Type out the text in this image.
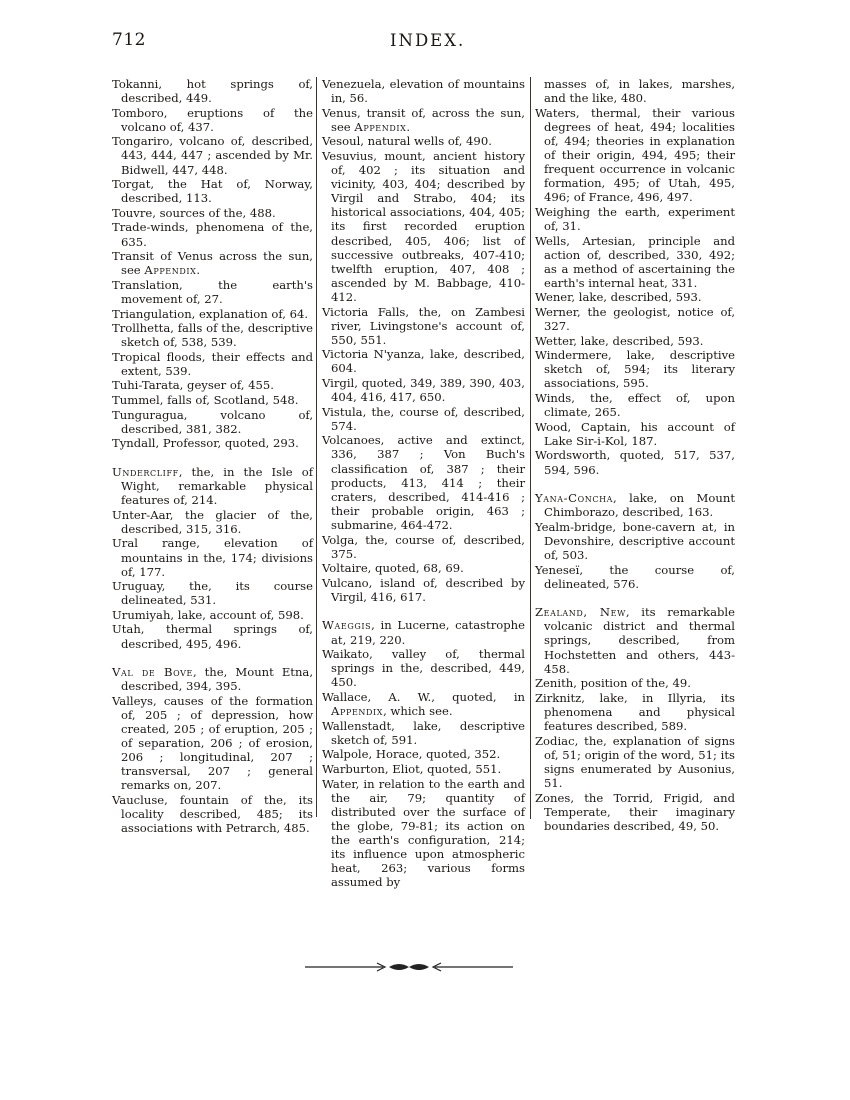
712	INDEX.
Tokanni, hot springs of, described, 449.
Tomboro, eruptions of the volcano of, 437.
Tongariro, volcano of, described, 443, 444, 447 ; ascended by Mr. Bidwell, 447, 448.
Torgat, the Hat of, Norway, described, 113.
Touvre, sources of the, 488.
Trade-winds, phenomena of the, 635.
Transit of Venus across the sun, see Appendix.
Translation, the earth's movement of, 27.
Triangulation, explanation of, 64.
Trollhetta, falls of the, descriptive sketch of, 538, 539.
Tropical floods, their effects and extent, 539.
Tuhi-Tarata, geyser of, 455.
Tummel, falls of, Scotland, 548.
Tunguragua, volcano of, described, 381, 382.
Tyndall, Professor, quoted, 293.
Undercliff, the, in the Isle of Wight, remarkable physical features of, 214.
Unter-Aar, the glacier of the, described, 315, 316.
Ural range, elevation of mountains in the, 174; divisions of, 177.
Uruguay, the, its course delineated, 531.
Urumiyah, lake, account of, 598.
Utah, thermal springs of, described, 495, 496.
Val de Bove, the, Mount Etna, described, 394, 395.
Valleys, causes of the formation of, 205 ; of depression, how created, 205 ; of eruption, 205 ; of separation, 206 ; of erosion, 206 ; longitudinal, 207 ; transversal, 207 ; general remarks on, 207.
Vaucluse, fountain of the, its locality described, 485; its associations with Petrarch, 485.
Venezuela, elevation of mountains in, 56.
Venus, transit of, across the sun, see Appendix.
Vesoul, natural wells of, 490.
Vesuvius, mount, ancient history of, 402 ; its situation and vicinity, 403, 404; described by Virgil and Strabo, 404; its historical associations, 404, 405; its first recorded eruption described, 405, 406; list of successive outbreaks, 407-410; twelfth eruption, 407, 408 ; ascended by M. Babbage, 410-412.
Victoria Falls, the, on Zambesi river, Livingstone's account of, 550, 551.
Victoria N'yanza, lake, described, 604.
Virgil, quoted, 349, 389, 390, 403, 404, 416, 417, 650.
Vistula, the, course of, described, 574.
Volcanoes, active and extinct, 336, 387 ; Von Buch's classification of, 387 ; their products, 413, 414 ; their craters, described, 414-416 ; their probable origin, 463 ; submarine, 464-472.
Volga, the, course of, described, 375.
Voltaire, quoted, 68, 69.
Vulcano, island of, described by Virgil, 416, 617.
Waeggis, in Lucerne, catastrophe at, 219, 220.
Waikato, valley of, thermal springs in the, described, 449, 450.
Wallace, A. W., quoted, in Appendix, which see.
Wallenstadt, lake, descriptive sketch of, 591.
Walpole, Horace, quoted, 352.
Warburton, Eliot, quoted, 551.
Water, in relation to the earth and the air, 79; quantity of distributed over the surface of the globe, 79-81; its action on the earth's configuration, 214; its influence upon atmospheric heat, 263; various forms assumed by
masses of, in lakes, marshes, and the like, 480.
Waters, thermal, their various degrees of heat, 494; localities of, 494; theories in explanation of their origin, 494, 495; their frequent occurrence in volcanic formation, 495; of Utah, 495, 496; of France, 496, 497.
Weighing the earth, experiment of, 31.
Wells, Artesian, principle and action of, described, 330, 492; as a method of ascertaining the earth's internal heat, 331.
Wener, lake, described, 593.
Werner, the geologist, notice of, 327.
Wetter, lake, described, 593.
Windermere, lake, descriptive sketch of, 594; its literary associations, 595.
Winds, the, effect of, upon climate, 265.
Wood, Captain, his account of Lake Sir-i-Kol, 187.
Wordsworth, quoted, 517, 537, 594, 596.
Yana-Concha, lake, on Mount Chimborazo, described, 163.
Yealm-bridge, bone-cavern at, in Devonshire, descriptive account of, 503.
Yeneseï, the course of, delineated, 576.
Zealand, New, its remarkable volcanic district and thermal springs, described, from Hochstetten and others, 443-458.
Zenith, position of the, 49.
Zirknitz, lake, in Illyria, its phenomena and physical features described, 589.
Zodiac, the, explanation of signs of, 51; origin of the word, 51; its signs enumerated by Ausonius, 51.
Zones, the Torrid, Frigid, and Temperate, their imaginary boundaries described, 49, 50.
